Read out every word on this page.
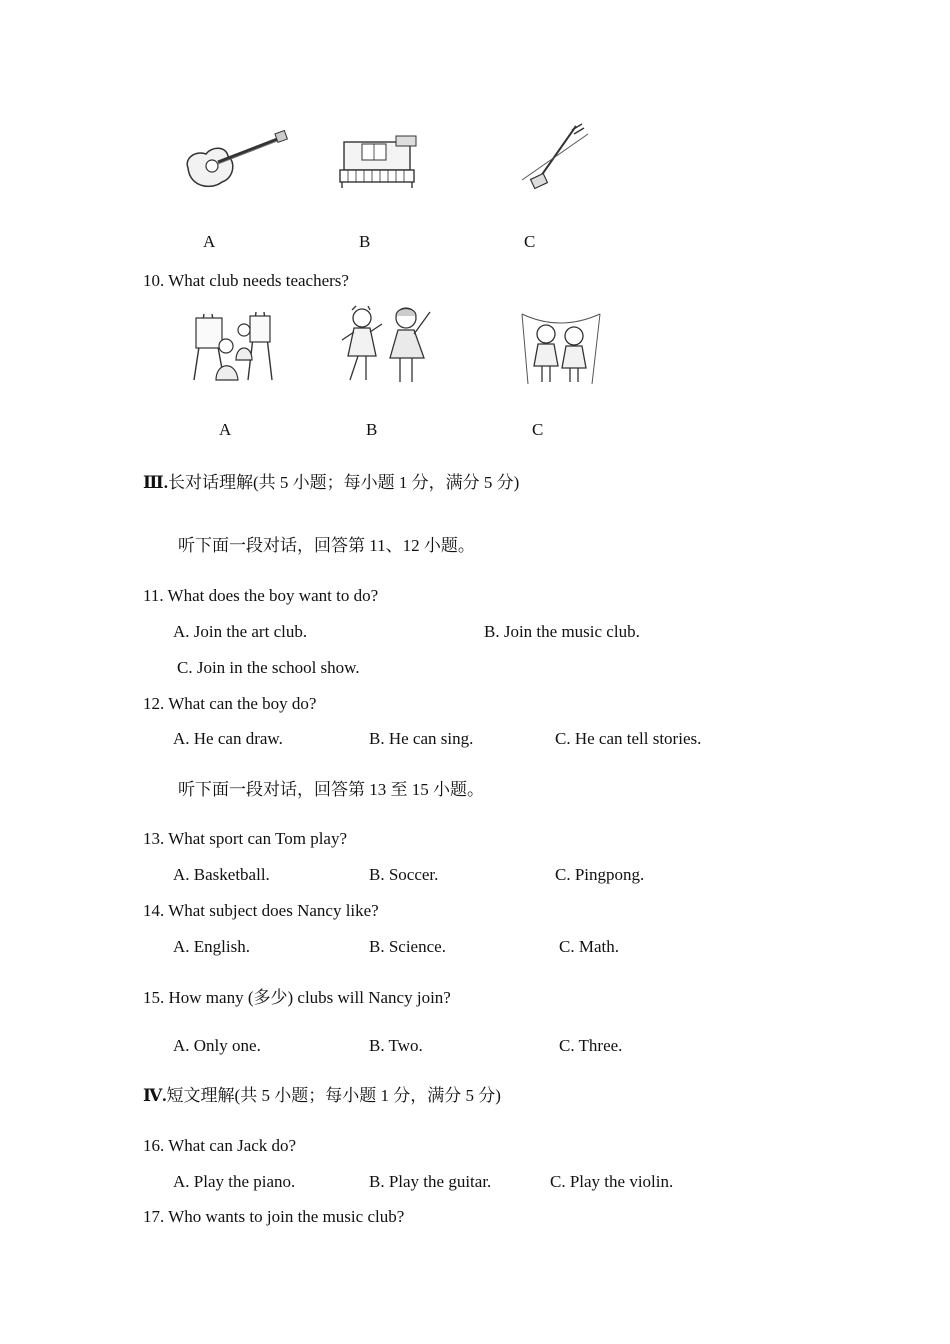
A	B	C
10. What club needs teachers?
A	B	C
Ⅲ.长对话理解(共 5 小题；每小题 1 分，满分 5 分)
听下面一段对话，回答第 11、12 小题。
11. What does the boy want to do?
A. Join the art club.	B. Join the music club.
C. Join in the school show.
12. What can the boy do?
A. He can draw.	B. He can sing.	C. He can tell stories.
听下面一段对话，回答第 13 至 15 小题。
13. What sport can Tom play?
A. Basketball.	B. Soccer.	C. Pingpong.
14. What subject does Nancy like?
A. English.	B. Science.	C. Math.
15. How many (多少) clubs will Nancy join?
A. Only one.	B. Two.	C. Three.
Ⅳ.短文理解(共 5 小题；每小题 1 分，满分 5 分)
16. What can Jack do?
A. Play the piano.	B. Play the guitar.	C. Play the violin.
17. Who wants to join the music club?
